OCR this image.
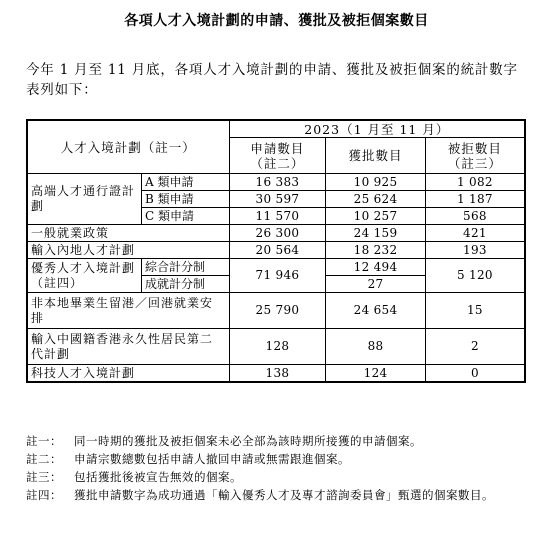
各項人才入境計劃的申請、獲批及被拒個案數目
今年 1 月至 11 月底，各項人才入境計劃的申請、獲批及被拒個案的統計數字表列如下：
人才入境計劃（註一）		2023（1 月至 11 月）		
		申請數目
（註二）	獲批數目	被拒數目
（註三）
高端人才通行證計劃	A 類申請	16 383	10 925	1 082
	B 類申請	30 597	25 624	1 187
	C 類申請	11 570	10 257	568
一般就業政策		26 300	24 159	421
輸入內地人才計劃		20 564	18 232	193
優秀人才入境計劃（註四）	綜合計分制	71 946	12 494	5 120
	成就計分制		27	
非本地畢業生留港／回港就業安排		25 790	24 654	15
輸入中國籍香港永久性居民第二代計劃		128	88	2
科技人才入境計劃		138	124	0
註一：	同一時期的獲批及被拒個案未必全部為該時期所接獲的申請個案。
註二：	申請宗數總數包括申請人撤回申請或無需跟進個案。
註三：	包括獲批後被宣告無效的個案。
註四：	獲批申請數字為成功通過「輸入優秀人才及專才諮詢委員會」甄選的個案數目。
